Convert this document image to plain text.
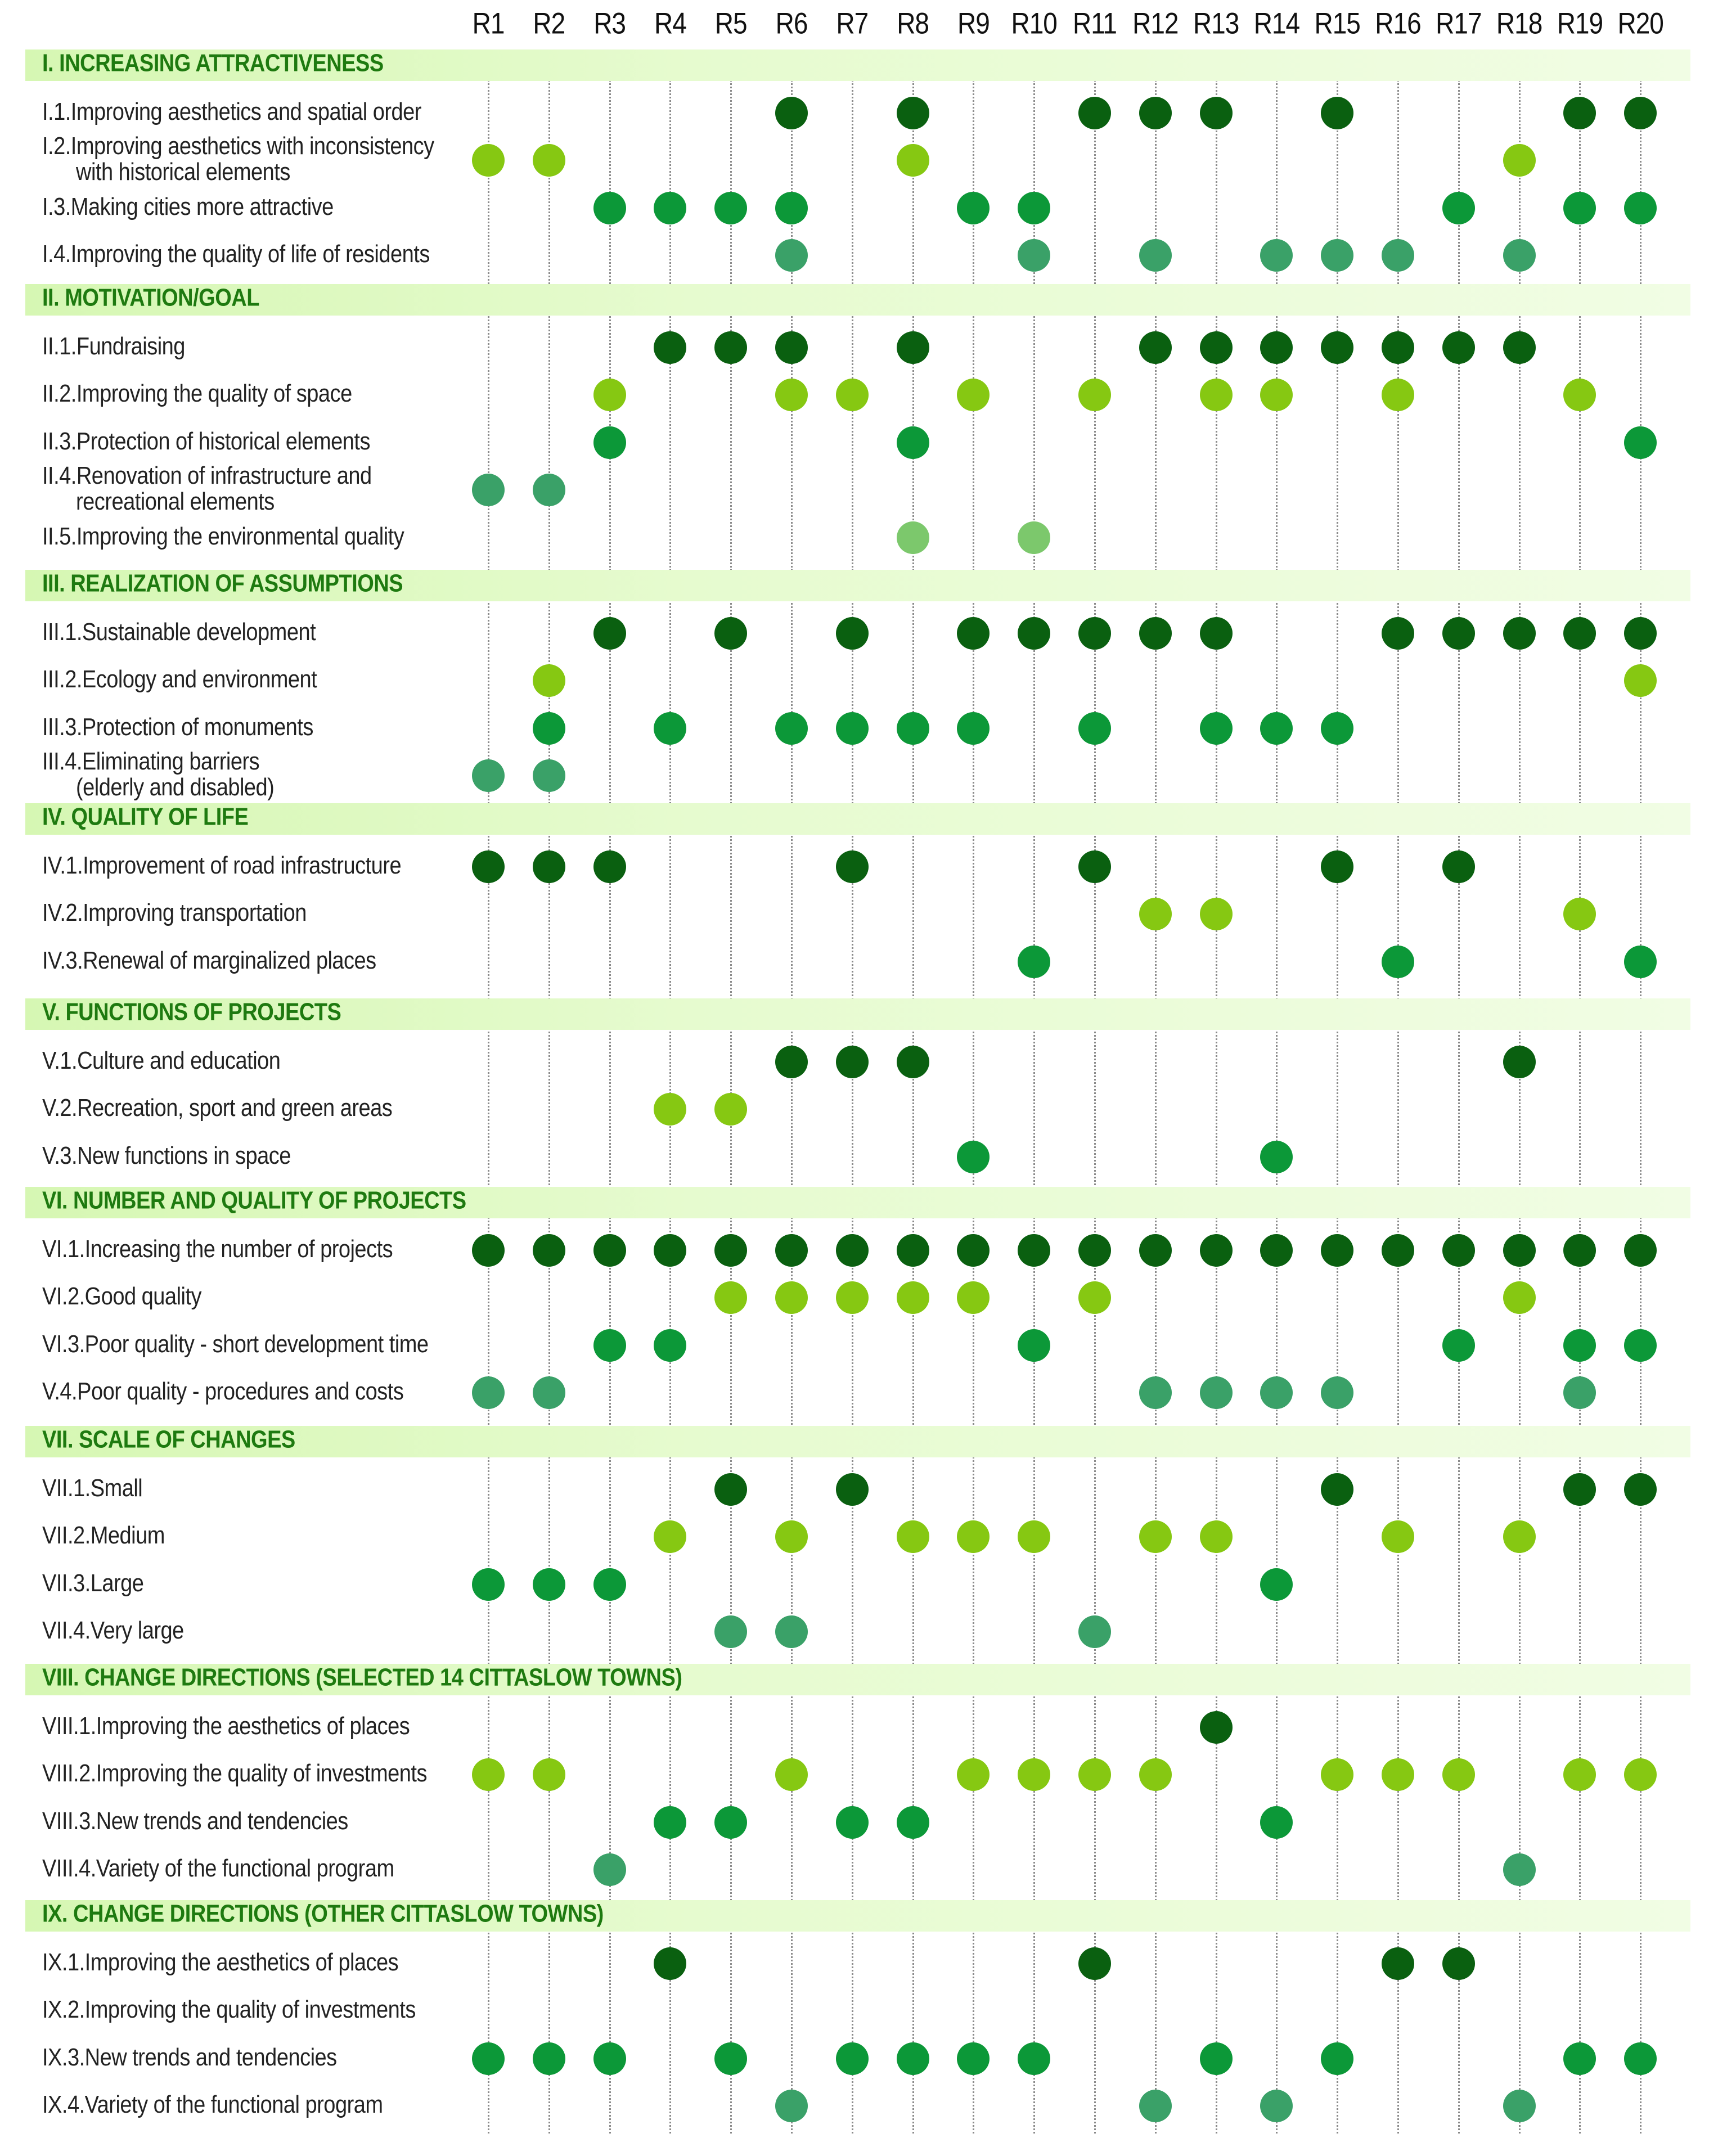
R1 R2 R3 R4 R5 R6 R7 R8 R9 R10 R11 R12 R13 R14 R15 R16 R17 R18 R19 R20
I. INCREASING ATTRACTIVENESS
I.1.Improving aesthetics and spatial order
I.2.Improving aesthetics with inconsistency
with historical elements
I.3.Making cities more attractive
I.4.Improving the quality of life of residents
II. MOTIVATION/GOAL
II.1.Fundraising
II.2.Improving the quality of space
II.3.Protection of historical elements
II.4.Renovation of infrastructure and
recreational elements
II.5.Improving the environmental quality
III. REALIZATION OF ASSUMPTIONS
III.1.Sustainable development
III.2.Ecology and environment
III.3.Protection of monuments
III.4.Eliminating barriers
(elderly and disabled)
IV. QUALITY OF LIFE
IV.1.Improvement of road infrastructure
IV.2.Improving transportation
IV.3.Renewal of marginalized places
V. FUNCTIONS OF PROJECTS
V.1.Culture and education
V.2.Recreation, sport and green areas
V.3.New functions in space
VI. NUMBER AND QUALITY OF PROJECTS
VI.1.Increasing the number of projects
VI.2.Good quality
VI.3.Poor quality - short development time
V.4.Poor quality - procedures and costs
VII. SCALE OF CHANGES
VII.1.Small
VII.2.Medium
VII.3.Large
VII.4.Very large
VIII. CHANGE DIRECTIONS (SELECTED 14 CITTASLOW TOWNS)
VIII.1.Improving the aesthetics of places
VIII.2.Improving the quality of investments
VIII.3.New trends and tendencies
VIII.4.Variety of the functional program
IX. CHANGE DIRECTIONS (OTHER CITTASLOW TOWNS)
IX.1.Improving the aesthetics of places
IX.2.Improving the quality of investments
IX.3.New trends and tendencies
IX.4.Variety of the functional program
